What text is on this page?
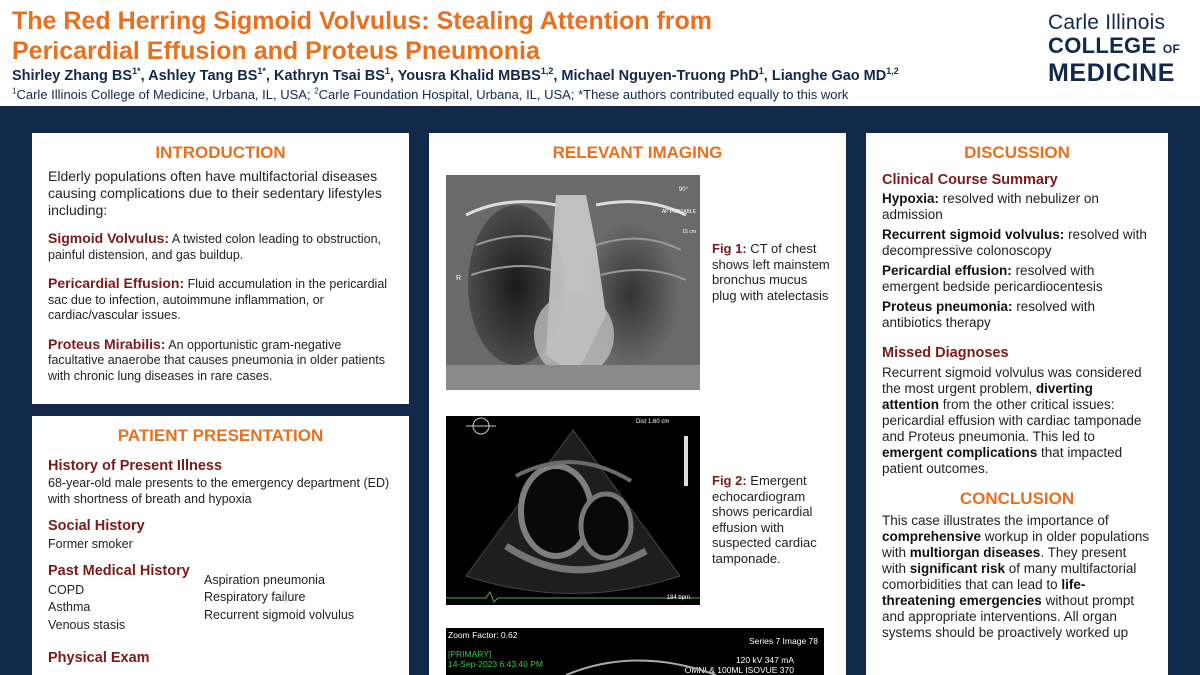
The Red Herring Sigmoid Volvulus: Stealing Attention from
Pericardial Effusion and Proteus Pneumonia
Shirley Zhang $BS^{1*}$, Ashley Tang $BS^{1*}$, Kathryn Tsai $BS^1$, Yousra Khalid MBBS$^{1,2}$, Michael Nguyen-Truong PhD$^1$, Lianghe Gao MD$^{1,2}$
$^1$Carle Illinois College of Medicine, Urbana, IL, USA; $^2$Carle Foundation Hospital, Urbana, IL, USA; *These authors contributed equally to this work
Carle Illinois
COLLEGE OF
MEDICINE
INTRODUCTION
Elderly populations often have multifactorial diseases causing complications due to their sedentary lifestyles including:
Sigmoid Volvulus: A twisted colon leading to obstruction, painful distension, and gas buildup.
Pericardial Effusion: Fluid accumulation in the pericardial sac due to infection, autoimmune inflammation, or cardiac/vascular issues.
Proteus Mirabilis: An opportunistic gram-negative facultative anaerobe that causes pneumonia in older patients with chronic lung diseases in rare cases.
PATIENT PRESENTATION
History of Present Illness
68-year-old male presents to the emergency department (ED) with shortness of breath and hypoxia
Social History
Former smoker
Past Medical History
COPD
Asthma
Venous stasis
Aspiration pneumonia
Respiratory failure
Recurrent sigmoid volvulus
Physical Exam
RELEVANT IMAGING
90°
AP PORTABLE
15 cm
R
Fig 1: CT of chest shows left mainstem bronchus mucus plug with atelectasis
Dist 1.60 cm
184 bpm
Fig 2: Emergent echocardiogram shows pericardial effusion with suspected cardiac tamponade.
Zoom Factor: 0.62
Series 7 Image 78
[PRIMARY]
14-Sep-2023 6:43:40 PM	120 kV 347 mA
OMNI & 100ML ISOVUE 370
DISCUSSION
Clinical Course Summary
Hypoxia: resolved with nebulizer on admission
Recurrent sigmoid volvulus: resolved with decompressive colonoscopy
Pericardial effusion: resolved with emergent bedside pericardiocentesis
Proteus pneumonia: resolved with antibiotics therapy
Missed Diagnoses
Recurrent sigmoid volvulus was considered the most urgent problem, diverting attention from the other critical issues: pericardial effusion with cardiac tamponade and Proteus pneumonia. This led to emergent complications that impacted patient outcomes.
CONCLUSION
This case illustrates the importance of comprehensive workup in older populations with multiorgan diseases. They present with significant risk of many multifactorial comorbidities that can lead to life-threatening emergencies without prompt and appropriate interventions. All organ systems should be proactively worked up
